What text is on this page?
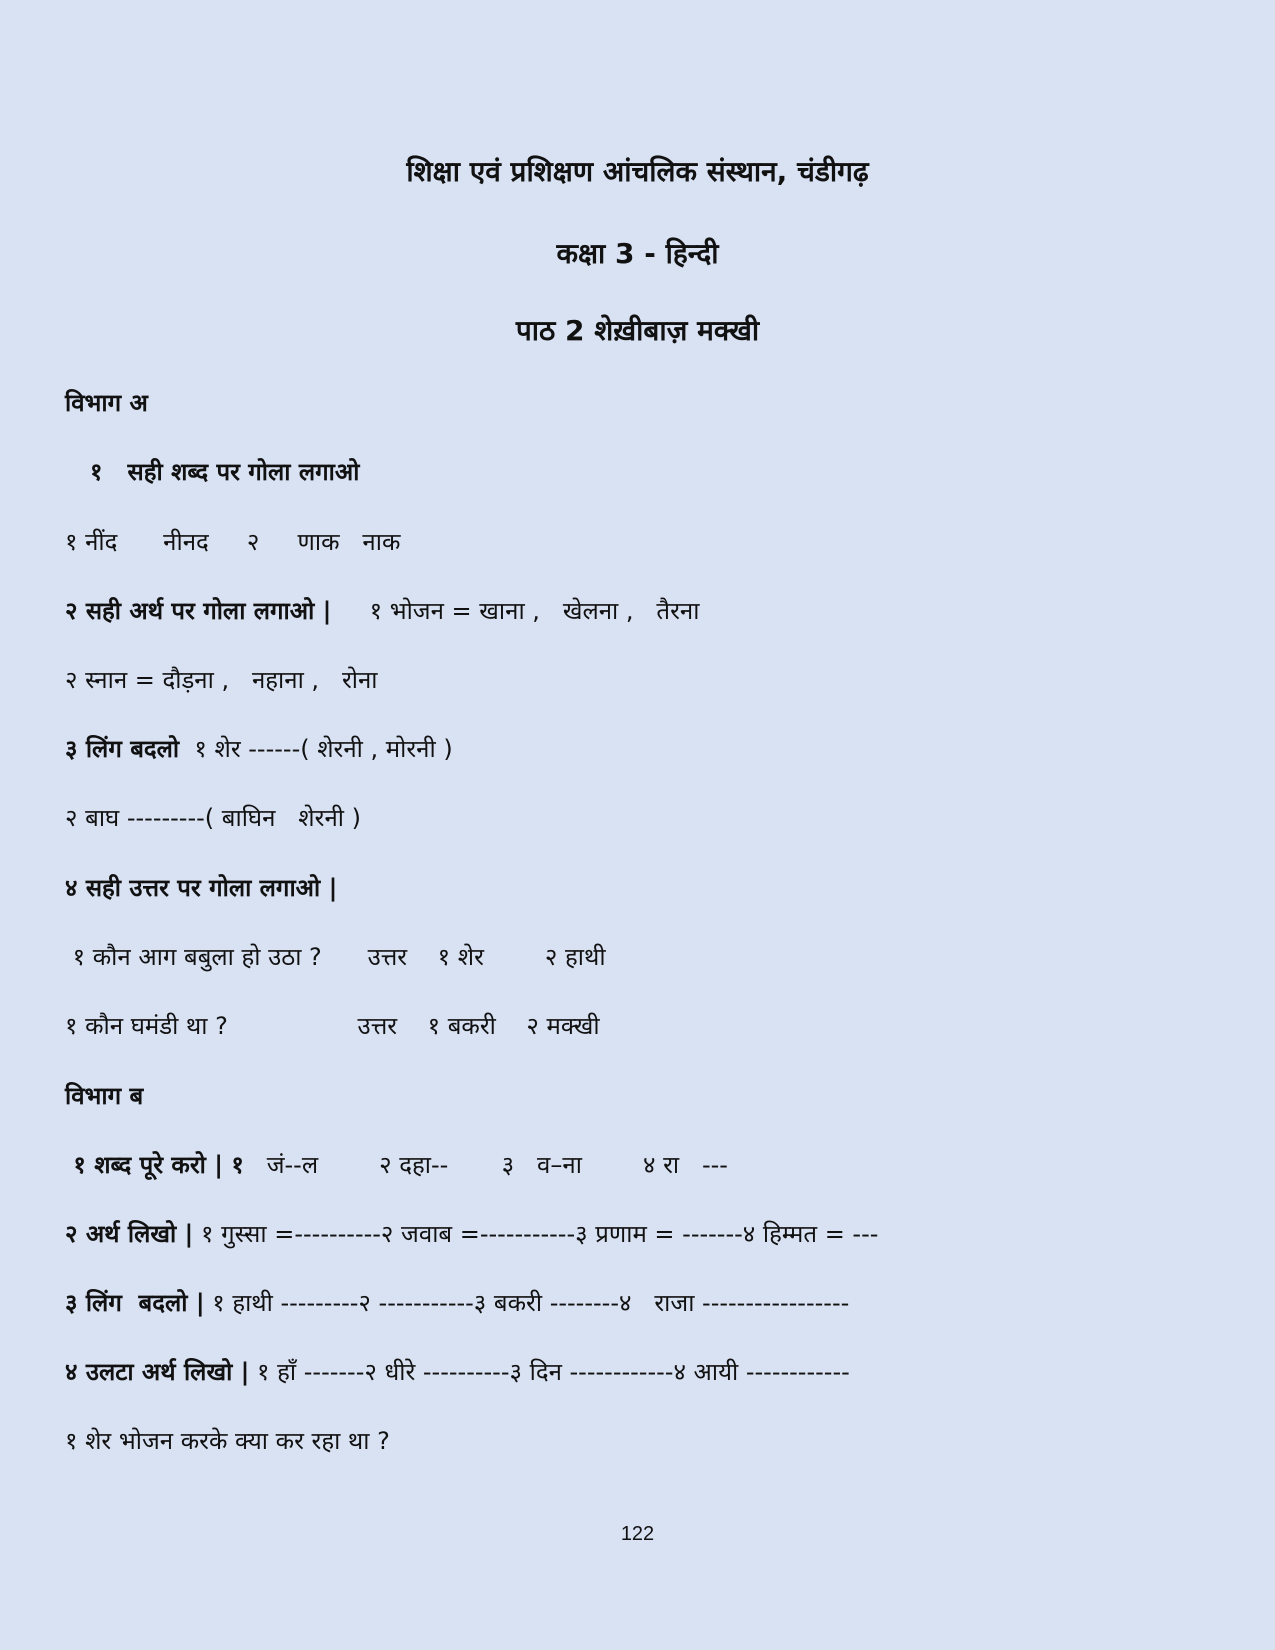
शिक्षा एवं प्रशिक्षण आंचलिक संस्थान, चंडीगढ़
कक्षा 3 - हिन्दी
पाठ 2 शेख़ीबाज़ मक्खी
विभाग अ
१   सही शब्द पर गोला लगाओ
१ नींद      नीनद     २     णाक   नाक
२ सही अर्थ पर गोला लगाओ |     १ भोजन = खाना ,   खेलना ,   तैरना
२ स्नान = दौड़ना ,   नहाना ,   रोना
३ लिंग बदलो  १ शेर ------( शेरनी , मोरनी )
२ बाघ ---------( बाघिन   शेरनी )
४ सही उत्तर पर गोला लगाओ |
१ कौन आग बबुला हो उठा ?      उत्तर    १ शेर        २ हाथी
१ कौन घमंडी था ?                 उत्तर    १ बकरी    २ मक्खी
विभाग ब
१ शब्द पूरे करो | १   जं--ल        २ दहा--       ३   व–ना        ४ रा   ---
२ अर्थ लिखो | १ गुस्सा =----------२ जवाब =-----------३ प्रणाम = -------४ हिम्मत = ---
३ लिंग  बदलो | १ हाथी ---------२ -----------३ बकरी --------४   राजा -----------------
४ उलटा अर्थ लिखो | १ हाँ -------२ धीरे ----------३ दिन ------------४ आयी ------------
१ शेर भोजन करके क्या कर रहा था ?
122
